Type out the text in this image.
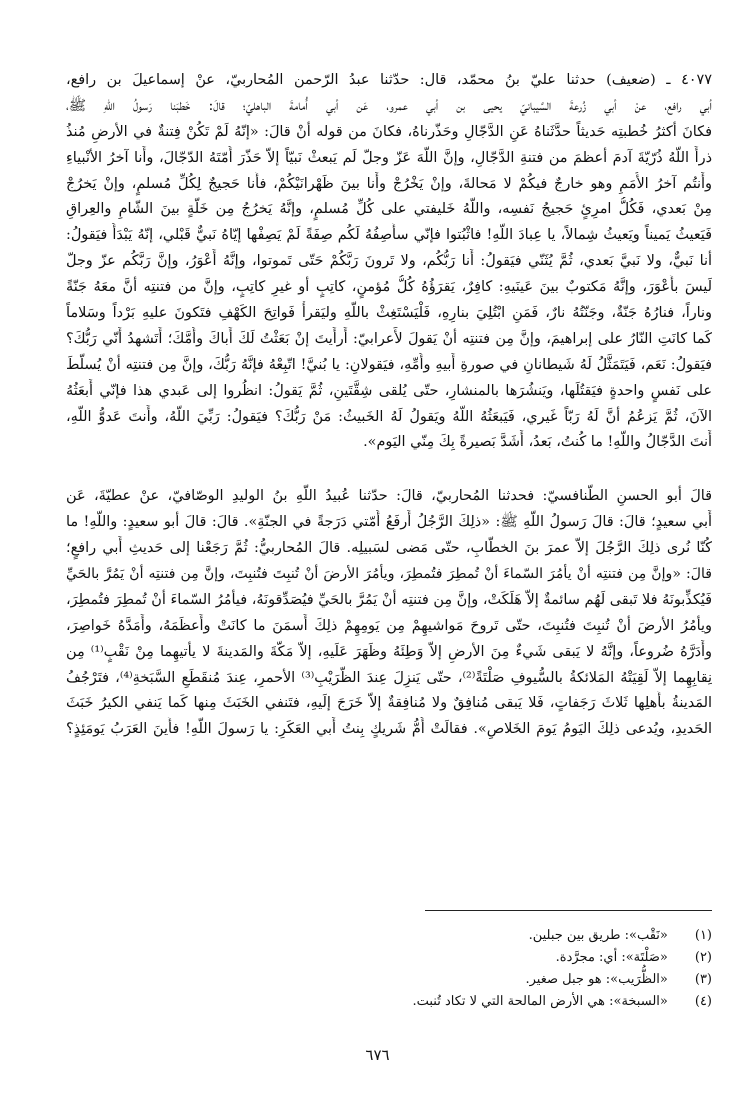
٤٠٧٧ ـ (ضعيف) حدثنا عليّ بنُ محمّد، قال: حدّثنا عبدُ الرّحمن المُحاربيّ، عنْ إسماعيلَ بن رافع،
أبي رافع، عنْ أبي زُرعةَ السَّيبانيّ يحيى بن أبي عمرو، عَن أبي أُمامةَ الباهليّ؛ قالَ: خَطبَنا رَسولُ اللّهِ ﷺ،
فكانَ أكثرُ خُطبتِه حَديثاً حدَّثَناهُ عَنِ الدَّجّالِ وحَذّرناهُ، فكانَ من قوله أنْ قالَ: «إنّهُ لَمْ تَكُنْ فِتنةٌ في الأرضِ مُنذُ
ذرأَ اللّهُ ذُرّيّةَ آدمَ أعظمَ من فتنةِ الدَّجّالِ، وإنَّ اللّهَ عَزّ وجلّ لَم يَبعثْ نَبيّاً إلاّ حَذّرَ أُمّتَهُ الدّجّالَ، وأَنا آخرُ الأنْبياءِ
وأَنتُم آخرُ الأُمَمِ وهو خارجٌ فيكُمْ لا مَحالةَ، وإنْ يَخْرُجْ وأَنا بينَ ظَهْرانَيْكُمْ، فأَنا حَجيجٌ لِكُلِّ مُسلمٍ، وإنْ يَخرُجْ
مِنْ بَعدي، فَكُلُّ امرِئٍ حَجيجُ نَفسِه، واللّهُ خَليفتي على كُلِّ مُسلمٍ، وإنَّهُ يَخرُجُ مِن خَلَّةٍ بينَ الشّامِ والعِراقِ
فَيَعيثُ يَميناً ويَعيثُ شِمالاً، يا عِبادَ اللّهِ! فاثْبُتوا فإنّي سأَصِفُهُ لَكُم صِفَةً لَمْ يَصِفْها إيّاهُ نَبيٌّ قَبْلي، إنّهُ يَبْدَأُ فيَقولُ:
أنا نَبيٌّ، ولا نَبيَّ بَعدي، ثُمَّ يُثَنّي فيَقولُ: أَنا رَبُّكُم، ولا تَرونَ رَبَّكُمْ حَتّى تَموتوا، وإنَّهُ أَعْوَرُ، وإنَّ رَبَّكُم عزّ وجلّ
لَيسَ بأَعْوَرَ، وإنَّهُ مَكتوبٌ بينَ عَينَيهِ: كافِرٌ، يَقرَؤُهُ كُلُّ مُؤمنٍ، كاتِبٍ أو غيرِ كاتِبٍ، وإنَّ من فتنتِه أنَّ معَهُ جَنّةً
وناراً، فنارُهُ جَنّةٌ، وجَنّتُهُ نارٌ، فَمَنِ ابْتُلِيَ بنارِهِ، فَلْيَسْتَغِثْ باللّهِ وليَقرأْ فَواتِحَ الكَهْفِ فتَكونَ عليهِ بَرْداً وسَلاماً
كَما كانَتِ النّارُ على إبراهيمَ، وإنَّ مِن فتنتِه أنْ يَقولَ لأَعرابيّ: أَرأَيتَ إنْ بَعَثْتُ لَكَ أَباكَ وأُمَّكَ؛ أَتَشهدُ أَنّي رَبُّكَ؟
فيَقولُ: نَعَم، فَيَتَمَثَّلُ لَهُ شَيطانانِ في صورةِ أَبيهِ وأُمِّهِ، فيَقولانِ: يا بُنيَّ! اتّبِعْهُ فإنَّهُ رَبُّكَ، وإنَّ مِن فتنتِه أنْ يُسلَّطَ
على نَفسٍ واحدةٍ فيَقتُلَها، ويَنشُرَها بالمنشارِ، حتّى يُلقى شِقَّتَينِ، ثُمَّ يَقولُ: انظُروا إلى عَبدي هذا فإنّي أَبعَثُهُ
الآنَ، ثُمَّ يَزعُمُ أنَّ لَهُ رَبّاً غَيري، فَيَبعَثُهُ اللّهُ ويَقولُ لَهُ الخَبيثُ: مَنْ رَبُّكَ؟ فيَقولُ: رَبِّيَ اللّهُ، وأَنتَ عَدوُّ اللّهِ،
أَنتَ الدَّجّالُ واللّهِ! ما كُنتُ، بَعدُ، أَشَدَّ بَصيرةً بِكَ مِنّي اليَوم».
قالَ أبو الحسنِ الطَّنافسيّ: فحدثنا المُحاربيّ، قالَ: حدّثنا عُبيدُ اللّهِ بنُ الوليدِ الوصّافيّ، عنْ عطيّةَ، عَن
أَبي سعيدٍ؛ قالَ: قالَ رَسولُ اللّهِ ﷺ: «ذلِكَ الرَّجُلُ أَرفَعُ أُمّتي دَرَجةً في الجنّةِ». قالَ: قالَ أبو سعيدٍ: واللّهِ! ما
كُنّا نُرى ذلِكَ الرَّجُلَ إلاّ عمرَ بنَ الخطّابِ، حتّى مَضى لسَبيلِه. قالَ المُحاربيُّ: ثُمَّ رَجَعْنا إلى حَديثِ أَبي رافعٍ؛
قالَ: «وإنَّ مِن فتنتِه أنْ يأمُرَ السّماءَ أنْ تُمطِرَ فتُمطِرَ، ويأمُرَ الأرضَ أنْ تُنبِتَ فتُنبِتَ، وإنَّ مِن فتنتِه أنْ يَمُرَّ بالحَيِّ
فَيُكذِّبونَهُ فلا تَبقى لَهُم سائمةٌ إلاّ هَلَكَتْ، وإنَّ مِن فتنتِه أنْ يَمُرَّ بالحَيِّ فيُصَدِّقونَهُ، فيأمُرُ السّماءَ أنْ تُمطِرَ فتُمطِرَ،
ويأمُرُ الأرضَ أنْ تُنبِتَ فتُنبِتَ، حتّى تَروحَ مَواشيهِمْ مِن يَومِهِمْ ذلِكَ أَسمَنَ ما كانَتْ وأَعظَمَهُ، وأَمَدَّهُ خَواصِرَ،
وأَدَرَّهُ ضُروعاً، وإنَّهُ لا يَبقى شَيءٌ مِنَ الأرضِ إلاّ وَطِئَهُ وظَهَرَ عَلَيهِ، إلاّ مَكّةَ والمَدينةَ لا يأتيهِما مِنْ نَقْبٍ⁽¹⁾ مِن
نِقابِهِما إلاّ لَقِيَتْهُ المَلائكةُ بالسُّيوفِ صَلْتَةً⁽²⁾، حتّى يَنزِلَ عِندَ الظُّرَيْبِ⁽³⁾ الأحمرِ، عِندَ مُنقَطَعِ السَّبَخةِ⁽⁴⁾، فتَرْجُفُ
المَدينةُ بأَهلِها ثَلاثَ رَجَفاتٍ، فَلا يَبقى مُنافِقٌ ولا مُنافِقةٌ إلاّ خَرَجَ إلَيهِ، فتَنفي الخَبَثَ مِنها كَما يَنفي الكيرُ خَبَثَ
الحَديدِ، ويُدعى ذلِكَ اليَومُ يَومَ الخَلاصِ». فقالَتْ أُمُّ شَريكٍ بِنتُ أَبي العَكَرِ: يا رَسولَ اللّهِ! فأَينَ العَرَبُ يَومَئِذٍ؟
(١) «نَقْب»: طريق بين جبلين.
(٢) «صَلْتَة»: أي: مجرَّدة.
(٣) «الظُّرَيب»: هو جبل صغير.
(٤) «السبخة»: هي الأرض المالحة التي لا تكاد تُنبت.
٦٧٦
